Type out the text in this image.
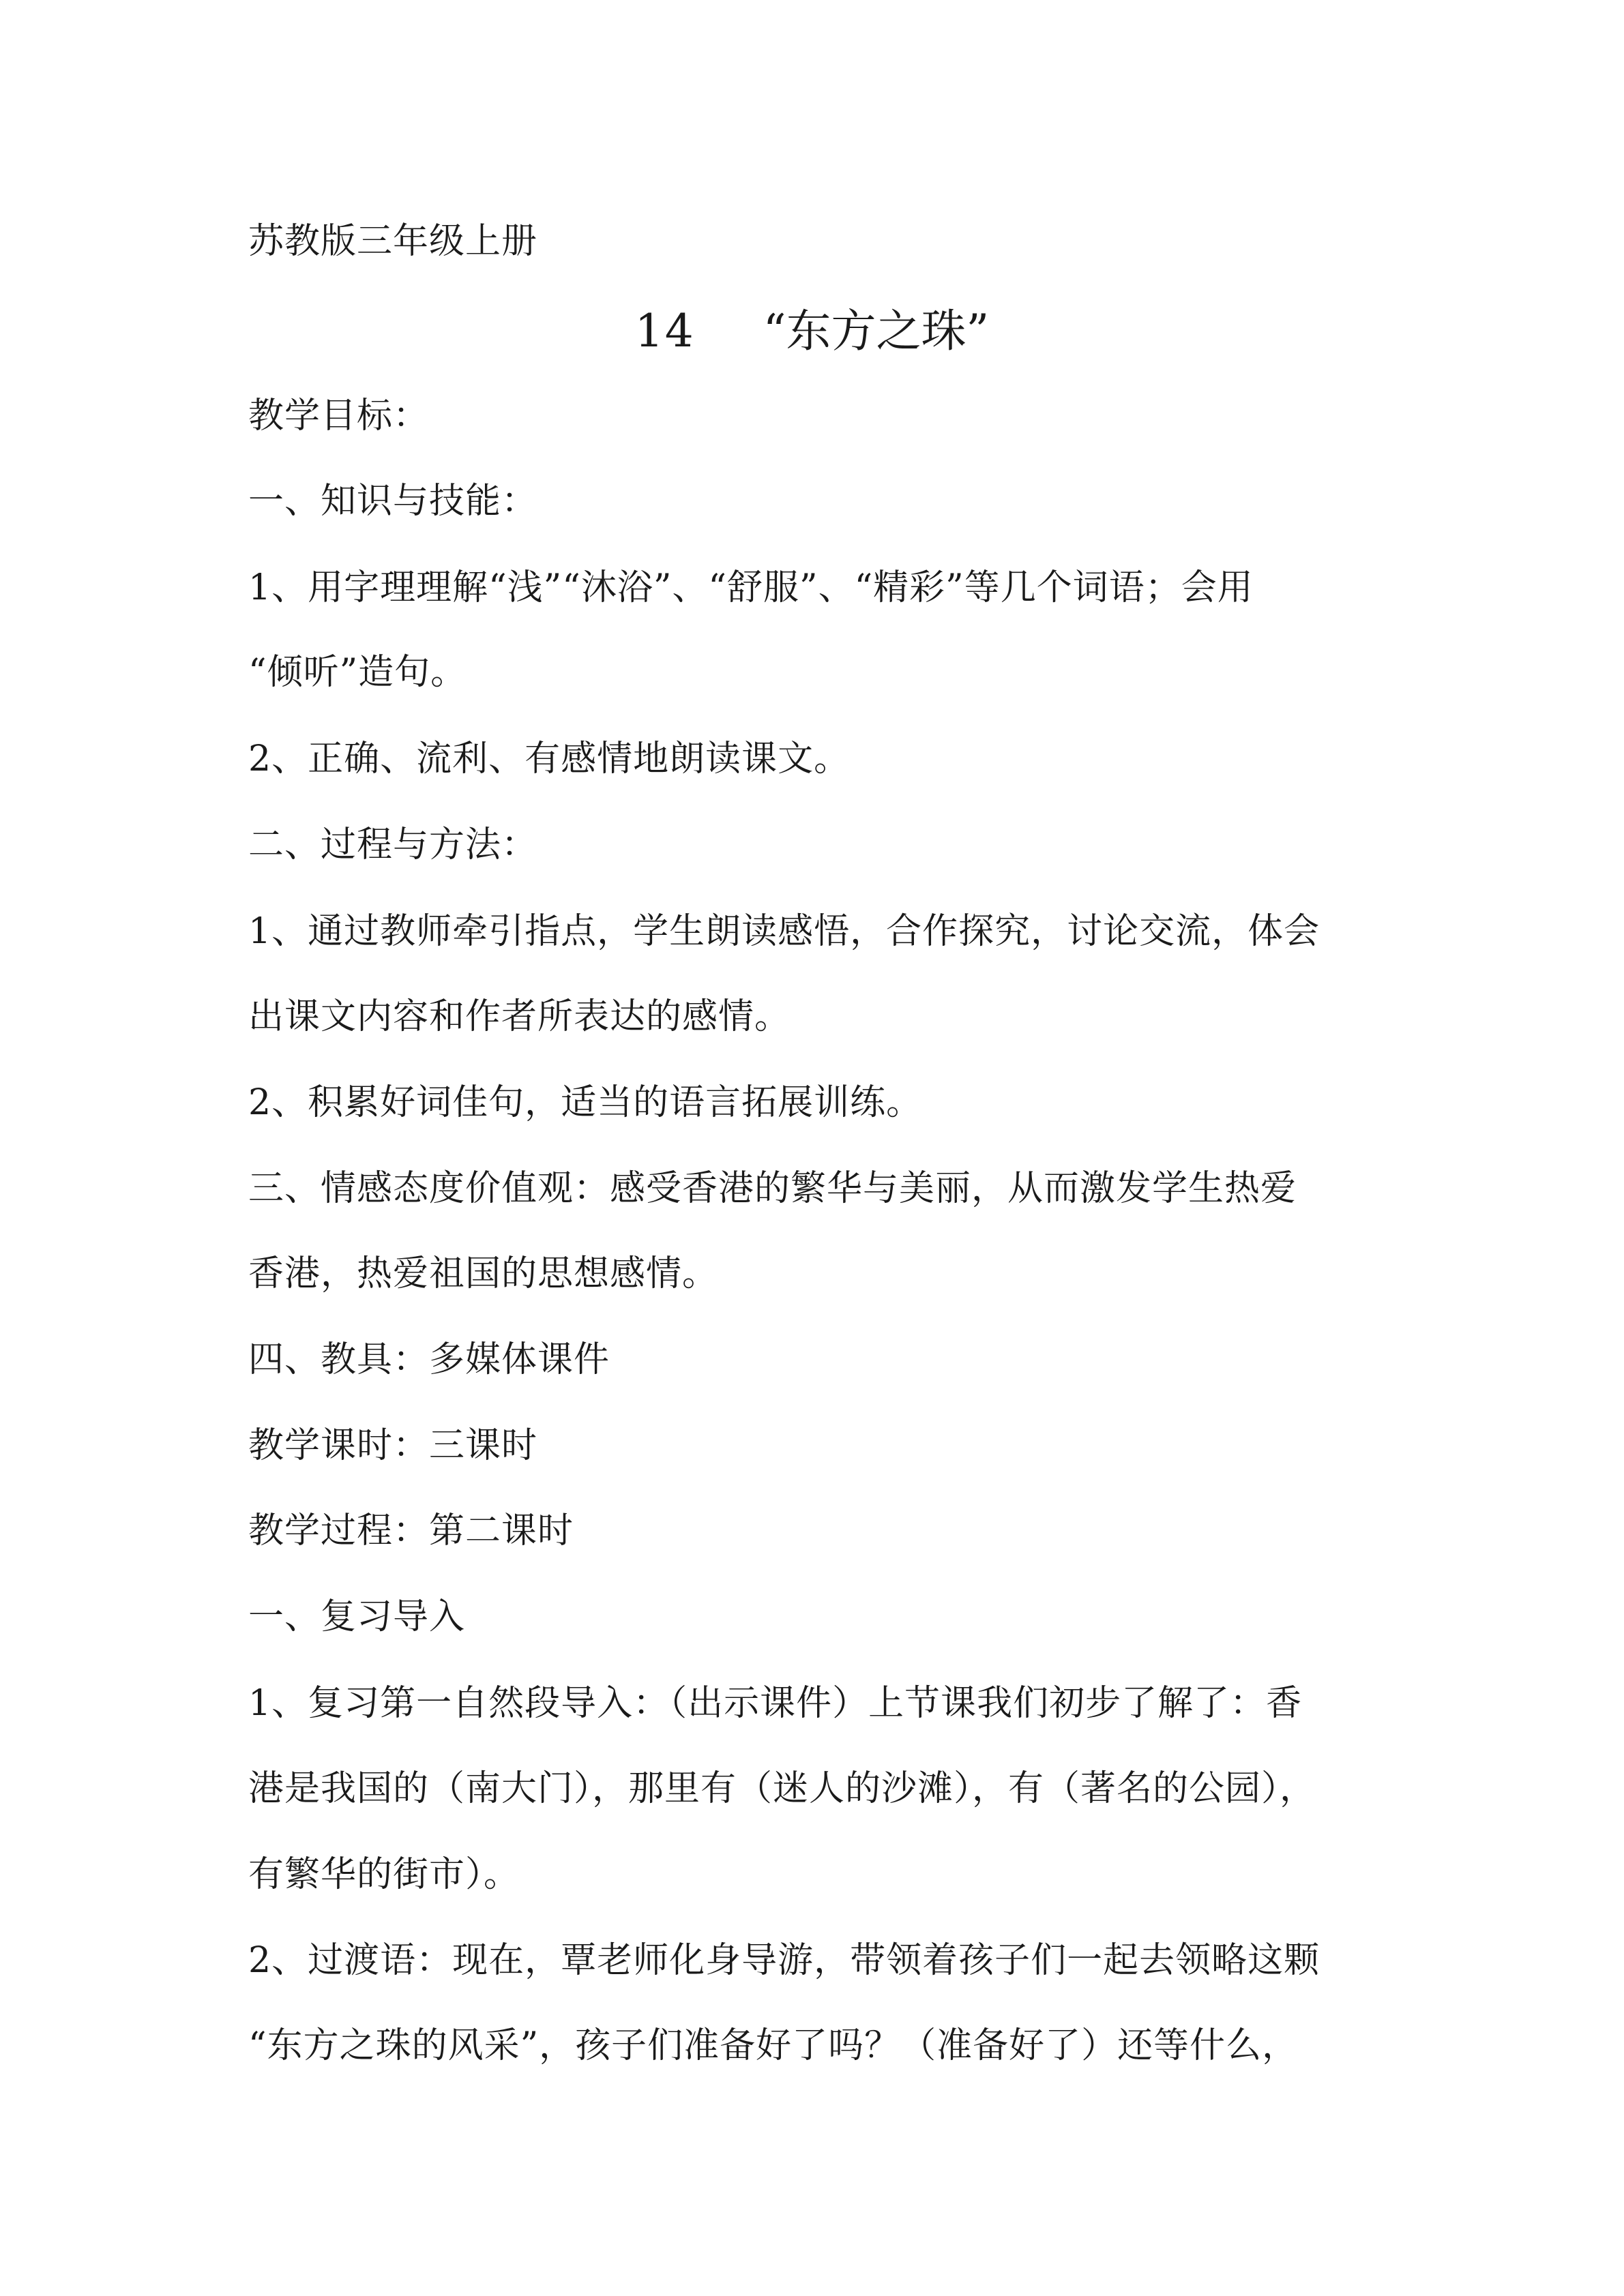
苏教版三年级上册

14 “东方之珠”

教学目标：

一、知识与技能：

1、用字理理解“浅”“沐浴”、“舒服”、“精彩”等几个词语；会用

“倾听”造句。

2、正确、流利、有感情地朗读课文。

二、过程与方法：

1、通过教师牵引指点，学生朗读感悟，合作探究，讨论交流，体会

出课文内容和作者所表达的感情。

2、积累好词佳句，适当的语言拓展训练。

三、情感态度价值观：感受香港的繁华与美丽，从而激发学生热爱

香港，热爱祖国的思想感情。

四、教具：多媒体课件

教学课时：三课时

教学过程：第二课时

一、复习导入

1、复习第一自然段导入：（出示课件）上节课我们初步了解了：香

港是我国的（南大门），那里有（迷人的沙滩），有（著名的公园），

有繁华的街市）。

2、过渡语：现在，覃老师化身导游，带领着孩子们一起去领略这颗

“东方之珠的风采”，孩子们准备好了吗？（准备好了）还等什么，
